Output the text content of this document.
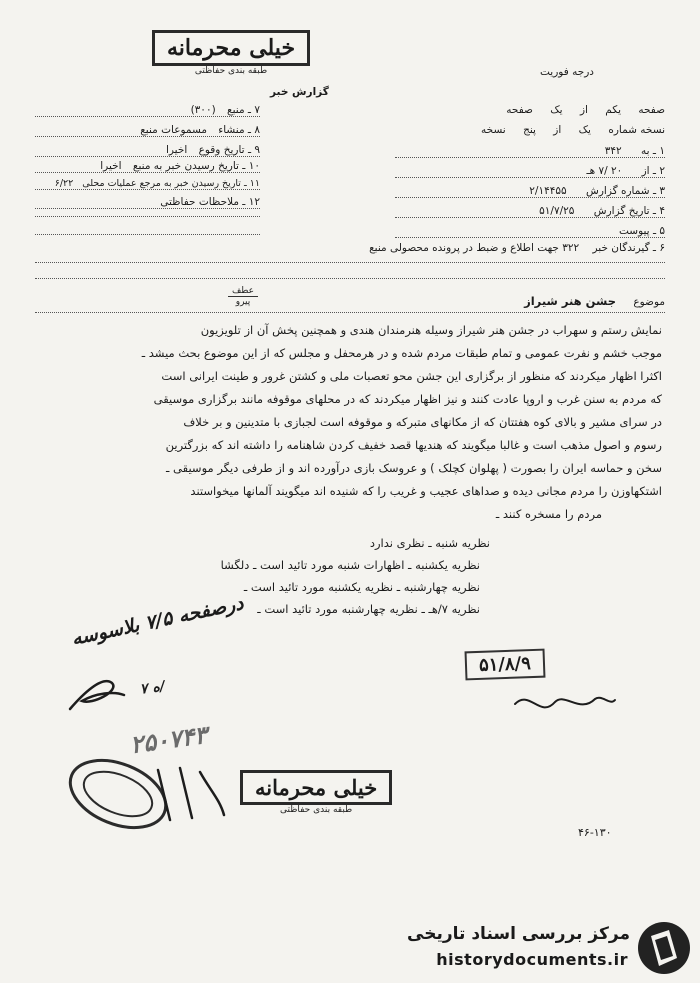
خیلی محرمانه
طبقه بندی حفاظتی	درجه فوریت
گزارش خبر
صفحه یکم از یک صفحه
نسخه شماره یک از پنج نسخه
۱ ـ به ۳۴۲
۲ ـ از ۲۰ /۷ هـ
۳ ـ شماره گزارش ۲/۱۴۴۵۵
۴ ـ تاریخ گزارش ۵۱/۷/۲۵
۵ ـ پیوست
۶ ـ گیرندگان خبر ۳۲۲ جهت اطلاع و ضبط در پرونده محصولی منبع
۷ ـ منبع (۳۰۰)
۸ ـ منشاء مسموعات منبع
۹ ـ تاریخ وقوع اخیرا
۱۰ ـ تاریخ رسیدن خبر به منبع اخیرا
۱۱ ـ تاریخ رسیدن خبر به مرجع عملیات محلی ۶/۲۲
۱۲ ـ ملاحظات حفاظتی
عطف
پیرو	موضوع جشن هنر شیراز
نمایش رستم و سهراب در جشن هنر شیراز وسیله هنرمندان هندی و همچنین پخش آن از تلویزیون
موجب خشم و نفرت عمومی و تمام طبقات مردم شده و در هرمحفل و مجلس که از این موضوع بحث میشد ـ
اکثرا اظهار میکردند که منظور از برگزاری این جشن محو تعصبات ملی و کشتن غرور و طینت ایرانی است
که مردم به سنن غرب و اروپا عادت کنند و نیز اظهار میکردند که در محلهای موقوفه مانند برگزاری موسیقی
در سرای مشیر و بالای کوه هفتتان که از مکانهای متبرکه و موقوفه است لجبازی با متدینین و بر خلاف
رسوم و اصول مذهب است و غالبا میگویند که هندیها قصد خفیف کردن شاهنامه را داشته اند که بزرگترین
سخن و حماسه ایران را بصورت ( پهلوان کچلک ) و عروسک بازی درآورده اند و از طرفی دیگر موسیقی ـ
اشتکهاوزن را مردم مجانی دیده و صداهای عجیب و غریب را که شنیده اند میگویند آلمانها میخواستند
مردم را مسخره کنند ـ
نظریه شنبه ـ نظری ندارد
نظریه یکشنبه ـ اظهارات شنبه مورد تائید است ـ دلگشا
نظریه چهارشنبه ـ نظریه یکشنبه مورد تائید است ـ
نظریه ۷/هـ ـ نظریه چهارشنبه مورد تائید است ـ
درصفحه ۷/۵ بلاسوسه
ه ۷/
۲۵۰۷۴۳
۵۱/۸/۹
خیلی محرمانه
طبقه بندی حفاظتی
۴۶-۱۳۰
مرکز بررسی اسناد تاریخی
historydocuments.ir
